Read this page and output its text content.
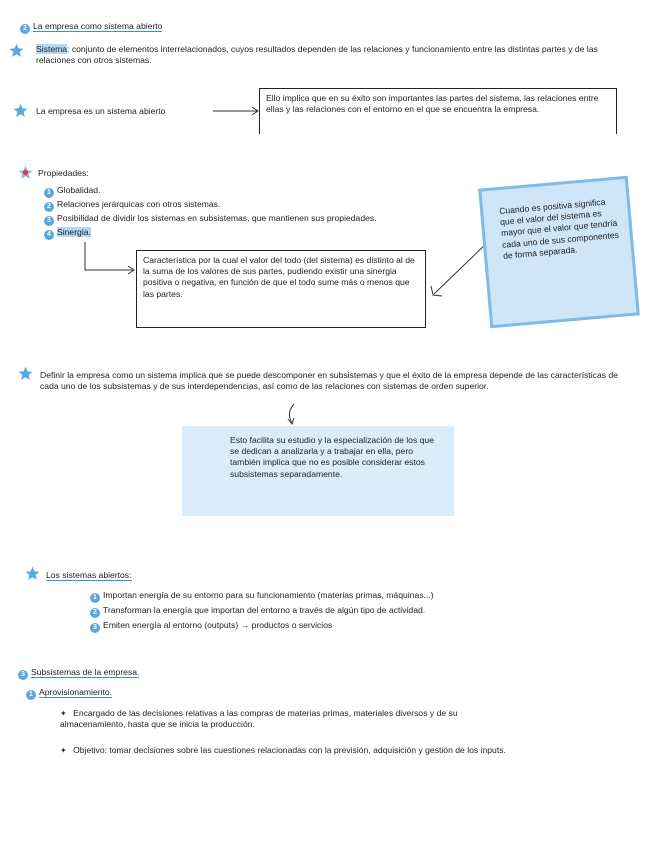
2 La empresa como sistema abierto
Sistema: conjunto de elementos interrelacionados, cuyos resultados dependen de las relaciones y funcionamiento entre las distintas partes y de las relaciones con otros sistemas.
La empresa es un sistema abierto
Ello implica que en su éxito son importantes las partes del sistema, las relaciones entre ellas y las relaciones con el entorno en el que se encuentra la empresa.
Propiedades:
1 Globalidad.
2 Relaciones jerárquicas con otros sistemas.
3 Posibilidad de dividir los sistemas en subsistemas, que mantienen sus propiedades.
4 Sinergia.
Característica por la cual el valor del todo (del sistema) es distinto al de la suma de los valores de sus partes, pudiendo existir una sinergia positiva o negativa, en función de que el todo sume más o menos que las partes.
Cuando es positiva significa que el valor del sistema es mayor que el valor que tendría cada uno de sus componentes de forma separada.
Definir la empresa como un sistema implica que se puede descomponer en subsistemas y que el éxito de la empresa depende de las características de cada uno de los subsistemas y de sus interdependencias, así como de las relaciones con sistemas de orden superior.
Esto facilita su estudio y la especialización de los que se dedican a analizarla y a trabajar en ella, pero también implica que no es posible considerar estos subsistemas separadamente.
Los sistemas abiertos:
1 Importan energía de su entorno para su funcionamiento (materias primas, máquinas...)
2 Transforman la energía que importan del entorno a través de algún tipo de actividad.
3 Emiten energía al entorno (outputs) → productos o servicios
3 Subsistemas de la empresa.
1 Aprovisionamiento.
✦ Encargado de las decisiones relativas a las compras de materias primas, materiales diversos y de su almacenamiento, hasta que se inicia la producción.
✦ Objetivo: tomar decisiones sobre las cuestiones relacionadas con la previsión, adquisición y gestión de los inputs.
